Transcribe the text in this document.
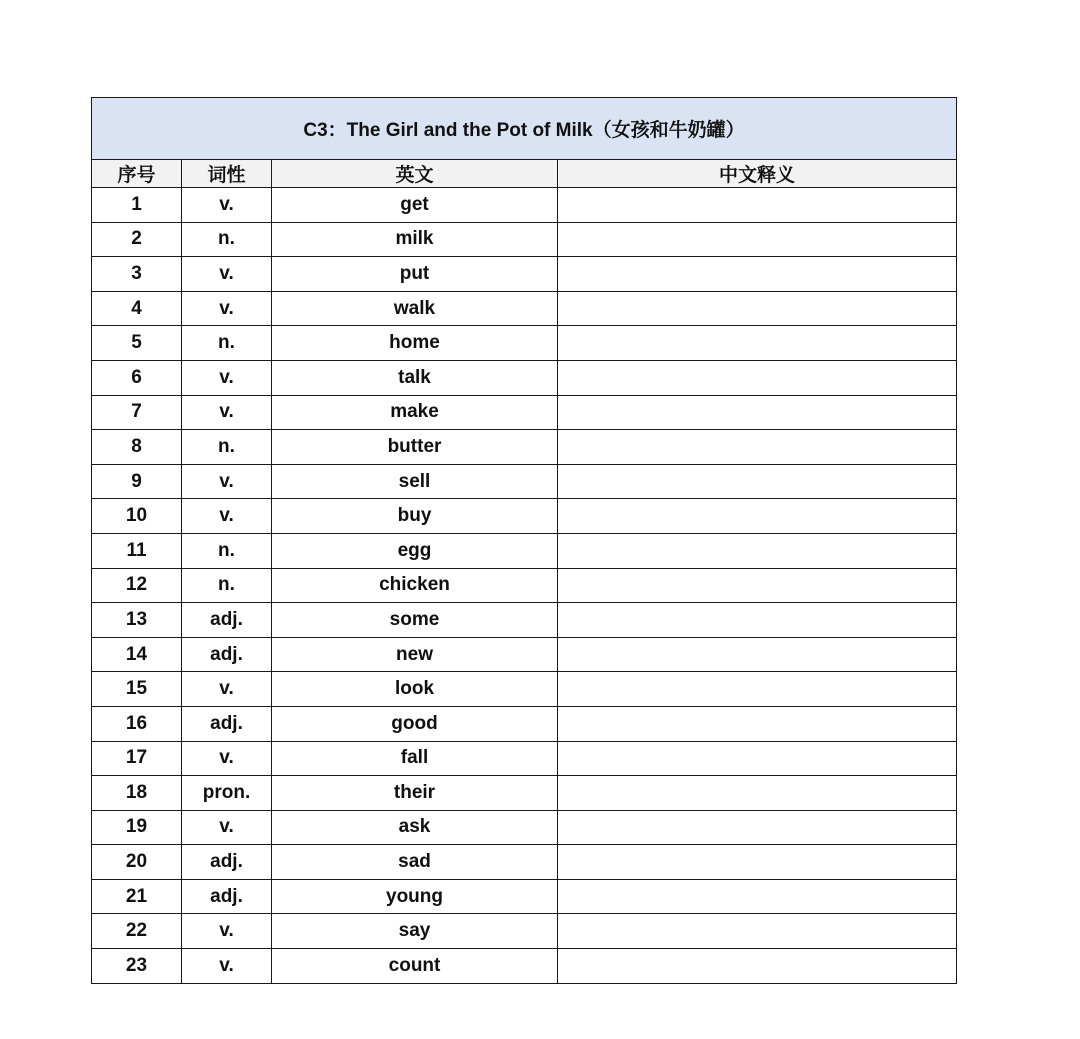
C3：The Girl and the Pot of Milk（女孩和牛奶罐）			
序号	词性	英文	中文释义
1	v.	get	
2	n.	milk	
3	v.	put	
4	v.	walk	
5	n.	home	
6	v.	talk	
7	v.	make	
8	n.	butter	
9	v.	sell	
10	v.	buy	
11	n.	egg	
12	n.	chicken	
13	adj.	some	
14	adj.	new	
15	v.	look	
16	adj.	good	
17	v.	fall	
18	pron.	their	
19	v.	ask	
20	adj.	sad	
21	adj.	young	
22	v.	say	
23	v.	count	
